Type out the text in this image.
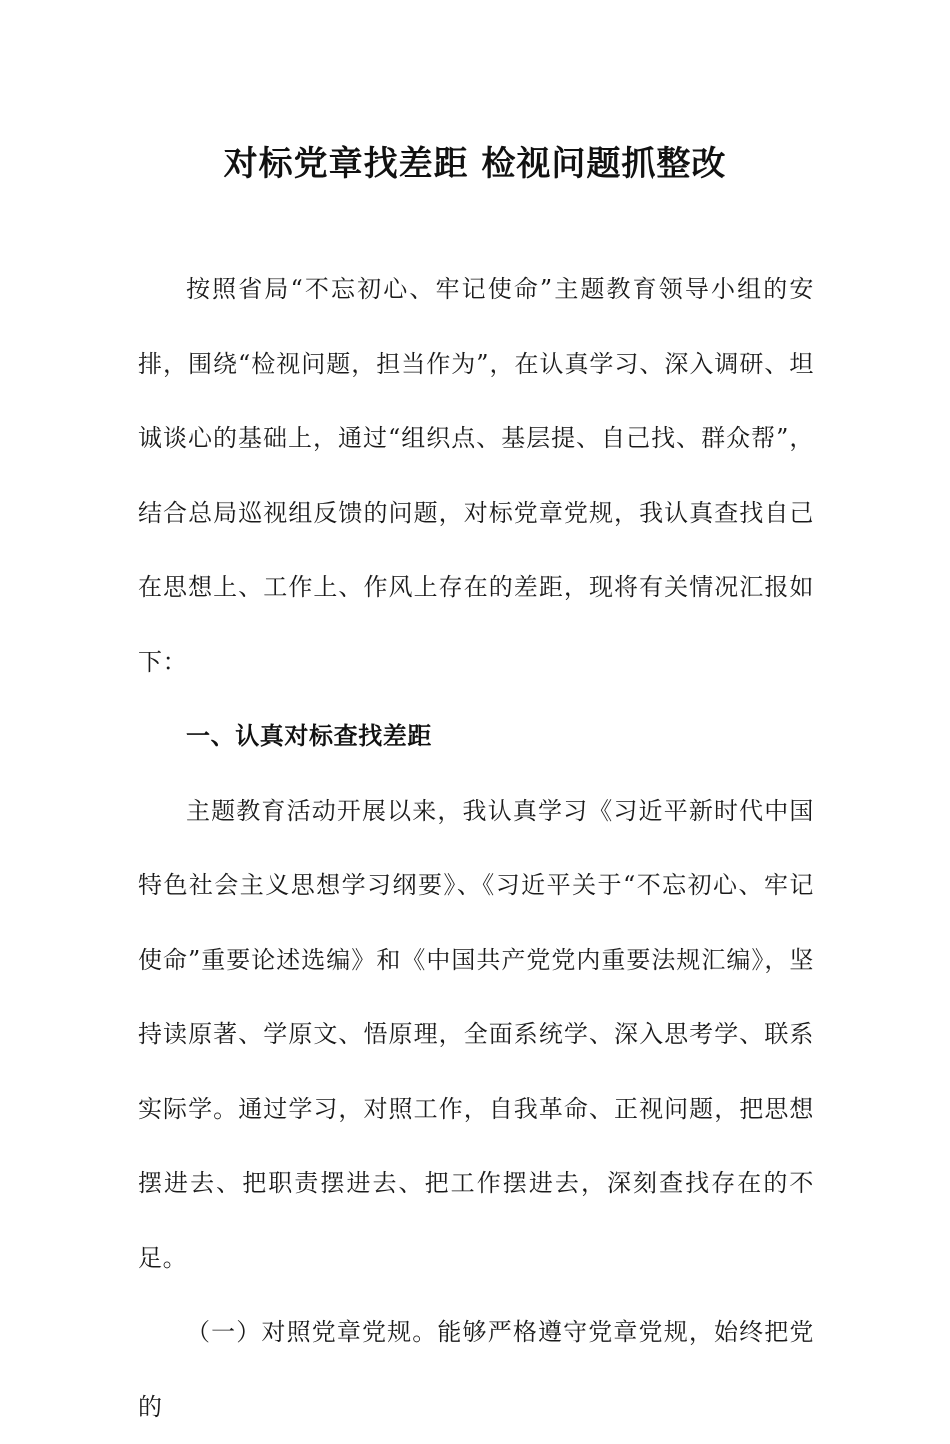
对标党章找差距 检视问题抓整改

按照省局“不忘初心、牢记使命”主题教育领导小组的安排，围绕“检视问题，担当作为”，在认真学习、深入调研、坦诚谈心的基础上，通过“组织点、基层提、自己找、群众帮”，结合总局巡视组反馈的问题，对标党章党规，我认真查找自己在思想上、工作上、作风上存在的差距，现将有关情况汇报如下：

一、认真对标查找差距

主题教育活动开展以来，我认真学习《习近平新时代中国特色社会主义思想学习纲要》、《习近平关于“不忘初心、牢记使命”重要论述选编》和《中国共产党党内重要法规汇编》，坚持读原著、学原文、悟原理，全面系统学、深入思考学、联系实际学。通过学习，对照工作，自我革命、正视问题，把思想摆进去、把职责摆进去、把工作摆进去，深刻查找存在的不足。

（一）对照党章党规。能够严格遵守党章党规，始终把党的
